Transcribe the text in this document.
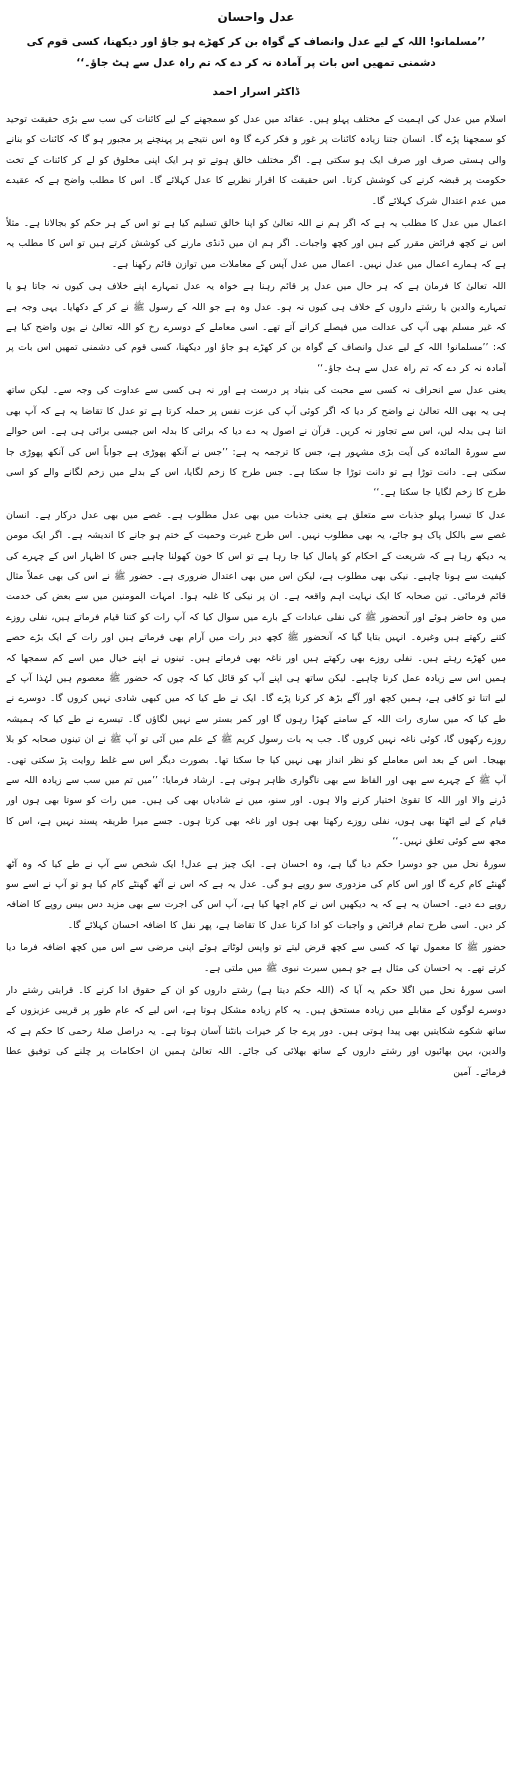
عدل واحسان
’’مسلمانو! اللہ کے لیے عدل وانصاف کے گواہ بن کر کھڑے ہو جاؤ اور دیکھنا، کسی قوم کی دشمنی تمھیں اس بات پر آمادہ نہ کر دے کہ تم راہ عدل سے ہٹ جاؤ۔‘‘
ڈاکٹر اسرار احمد

اسلام میں عدل کی اہمیت کے مختلف پہلو ہیں۔ عقائد میں عدل کو سمجھنے کے لیے کائنات کی سب سے بڑی حقیقت توحید کو سمجھنا پڑے گا۔ انسان جتنا زیادہ کائنات پر غور و فکر کرے گا وہ اس نتیجے پر پہنچنے پر مجبور ہو گا کہ کائنات کو بنانے والی ہستی صرف اور صرف ایک ہو سکتی ہے۔ اگر مختلف خالق ہوتے تو ہر ایک اپنی مخلوق کو لے کر کائنات کے تخت حکومت پر قبضہ کرنے کی کوشش کرتا۔ اس حقیقت کا اقرار نظریے کا عدل کہلائے گا۔ اس کا مطلب واضح ہے کہ عقیدے میں عدم اعتدال شرک کہلائے گا۔

اعمال میں عدل کا مطلب یہ ہے کہ اگر ہم نے اللہ تعالیٰ کو اپنا خالق تسلیم کیا ہے تو اس کے ہر حکم کو بجالانا ہے۔ مثلاً اس نے کچھ فرائض مقرر کیے ہیں اور کچھ واجبات۔ اگر ہم ان میں ڈنڈی مارنے کی کوشش کرتے ہیں تو اس کا مطلب یہ ہے کہ ہمارے اعمال میں عدل نہیں۔ اعمال میں عدل آپس کے معاملات میں توازن قائم رکھنا ہے۔

اللہ تعالیٰ کا فرمان ہے کہ ہر حال میں عدل پر قائم رہنا ہے خواہ یہ عدل تمہارے اپنے خلاف ہی کیوں نہ جاتا ہو یا تمہارے والدین یا رشتے داروں کے خلاف ہی کیوں نہ ہو۔ عدل وہ ہے جو اللہ کے رسول ﷺ نے کر کے دکھایا۔ یہی وجہ ہے کہ غیر مسلم بھی آپ کی عدالت میں فیصلے کرانے آتے تھے۔ اسی معاملے کے دوسرے رخ کو اللہ تعالیٰ نے یوں واضح کیا ہے کہ: ’’مسلمانو! اللہ کے لیے عدل وانصاف کے گواہ بن کر کھڑے ہو جاؤ اور دیکھنا، کسی قوم کی دشمنی تمھیں اس بات پر آمادہ نہ کر دے کہ تم راہ عدل سے ہٹ جاؤ۔‘‘

یعنی عدل سے انحراف نہ کسی سے محبت کی بنیاد پر درست ہے اور نہ ہی کسی سے عداوت کی وجہ سے۔ لیکن ساتھ ہی یہ بھی اللہ تعالیٰ نے واضح کر دیا کہ اگر کوئی آپ کی عزت نفس پر حملہ کرتا ہے تو عدل کا تقاضا یہ ہے کہ آپ بھی اتنا ہی بدلہ لیں، اس سے تجاوز نہ کریں۔ قرآن نے اصول یہ دے دیا کہ برائی کا بدلہ اس جیسی برائی ہی ہے۔ اس حوالے سے سورۃ المائدہ کی آیت بڑی مشہور ہے، جس کا ترجمہ یہ ہے: ’’جس نے آنکھ پھوڑی ہے جواباً اس کی آنکھ پھوڑی جا سکتی ہے۔ دانت توڑا ہے تو دانت توڑا جا سکتا ہے۔ جس طرح کا زخم لگایا، اس کے بدلے میں زخم لگانے والے کو اسی طرح کا زخم لگایا جا سکتا ہے۔‘‘

عدل کا تیسرا پہلو جذبات سے متعلق ہے یعنی جذبات میں بھی عدل مطلوب ہے۔ غصے میں بھی عدل درکار ہے۔ انسان غصے سے بالکل پاک ہو جائے، یہ بھی مطلوب نہیں۔ اس طرح غیرت وحمیت کے ختم ہو جانے کا اندیشہ ہے۔ اگر ایک مومن یہ دیکھ رہا ہے کہ شریعت کے احکام کو پامال کیا جا رہا ہے تو اس کا خون کھولنا چاہیے جس کا اظہار اس کے چہرے کی کیفیت سے ہونا چاہیے۔ نیکی بھی مطلوب ہے، لیکن اس میں بھی اعتدال ضروری ہے۔ حضور ﷺ نے اس کی بھی عملاً مثال قائم فرمائی۔ تین صحابہ کا ایک نہایت اہم واقعہ ہے۔ ان پر نیکی کا غلبہ ہوا۔ امہات المومنین میں سے بعض کی خدمت میں وہ حاضر ہوئے اور آنحضور ﷺ کی نفلی عبادات کے بارے میں سوال کیا کہ آپ رات کو کتنا قیام فرماتے ہیں، نفلی روزے کتنے رکھتے ہیں وغیرہ۔ انہیں بتایا گیا کہ آنحضور ﷺ کچھ دیر رات میں آرام بھی فرماتے ہیں اور رات کے ایک بڑے حصے میں کھڑے رہتے ہیں۔ نفلی روزے بھی رکھتے ہیں اور ناغہ بھی فرماتے ہیں۔ تینوں نے اپنے خیال میں اسے کم سمجھا کہ ہمیں اس سے زیادہ عمل کرنا چاہیے۔ لیکن ساتھ ہی اپنے آپ کو قائل کیا کہ چوں کہ حضور ﷺ معصوم ہیں لہٰذا آپ کے لیے اتنا تو کافی ہے، ہمیں کچھ اور آگے بڑھ کر کرنا پڑے گا۔ ایک نے طے کیا کہ میں کبھی شادی نہیں کروں گا۔ دوسرے نے طے کیا کہ میں ساری رات اللہ کے سامنے کھڑا رہوں گا اور کمر بستر سے نہیں لگاؤں گا۔ تیسرے نے طے کیا کہ ہمیشہ روزے رکھوں گا، کوئی ناغہ نہیں کروں گا۔ جب یہ بات رسول کریم ﷺ کے علم میں آئی تو آپ ﷺ نے ان تینوں صحابہ کو بلا بھیجا۔ اس کے بعد اس معاملے کو نظر انداز بھی نہیں کیا جا سکتا تھا۔ بصورت دیگر اس سے غلط روایت پڑ سکتی تھی۔ آپ ﷺ کے چہرے سے بھی اور الفاظ سے بھی ناگواری ظاہر ہوتی ہے۔ ارشاد فرمایا: ’’میں تم میں سب سے زیادہ اللہ سے ڈرنے والا اور اللہ کا تقویٰ اختیار کرنے والا ہوں۔ اور سنو، میں نے شادیاں بھی کی ہیں۔ میں رات کو سوتا بھی ہوں اور قیام کے لیے اٹھتا بھی ہوں، نفلی روزے رکھتا بھی ہوں اور ناغہ بھی کرتا ہوں۔ جسے میرا طریقہ پسند نہیں ہے، اس کا مجھ سے کوئی تعلق نہیں۔‘‘

سورۂ نحل میں جو دوسرا حکم دیا گیا ہے، وہ احسان ہے۔ ایک چیز ہے عدل! ایک شخص سے آپ نے طے کیا کہ وہ آٹھ گھنٹے کام کرے گا اور اس کام کی مزدوری سو روپے ہو گی۔ عدل یہ ہے کہ اس نے آٹھ گھنٹے کام کیا ہو تو آپ نے اسے سو روپے دے دیے۔ احسان یہ ہے کہ یہ دیکھیں اس نے کام اچھا کیا ہے، آپ اس کی اجرت سے بھی مزید دس بیس روپے کا اضافہ کر دیں۔ اسی طرح تمام فرائض و واجبات کو ادا کرنا عدل کا تقاضا ہے، پھر نفل کا اضافہ احسان کہلائے گا۔

حضور ﷺ کا معمول تھا کہ کسی سے کچھ قرض لیتے تو واپس لوٹاتے ہوئے اپنی مرضی سے اس میں کچھ اضافہ فرما دیا کرتے تھے۔ یہ احسان کی مثال ہے جو ہمیں سیرت نبوی ﷺ میں ملتی ہے۔

اسی سورۂ نحل میں اگلا حکم یہ آیا کہ (اللہ حکم دیتا ہے) رشتے داروں کو ان کے حقوق ادا کرنے کا۔ قرابتی رشتے دار دوسرے لوگوں کے مقابلے میں زیادہ مستحق ہیں۔ یہ کام زیادہ مشکل ہوتا ہے، اس لیے کہ عام طور پر قریبی عزیزوں کے ساتھ شکوے شکایتیں بھی پیدا ہوتی ہیں۔ دور پرے جا کر خیرات بانٹنا آسان ہوتا ہے۔ یہ دراصل صلۂ رحمی کا حکم ہے کہ والدین، بہن بھائیوں اور رشتے داروں کے ساتھ بھلائی کی جائے۔ اللہ تعالیٰ ہمیں ان احکامات پر چلنے کی توفیق عطا فرمائے۔ آمین
